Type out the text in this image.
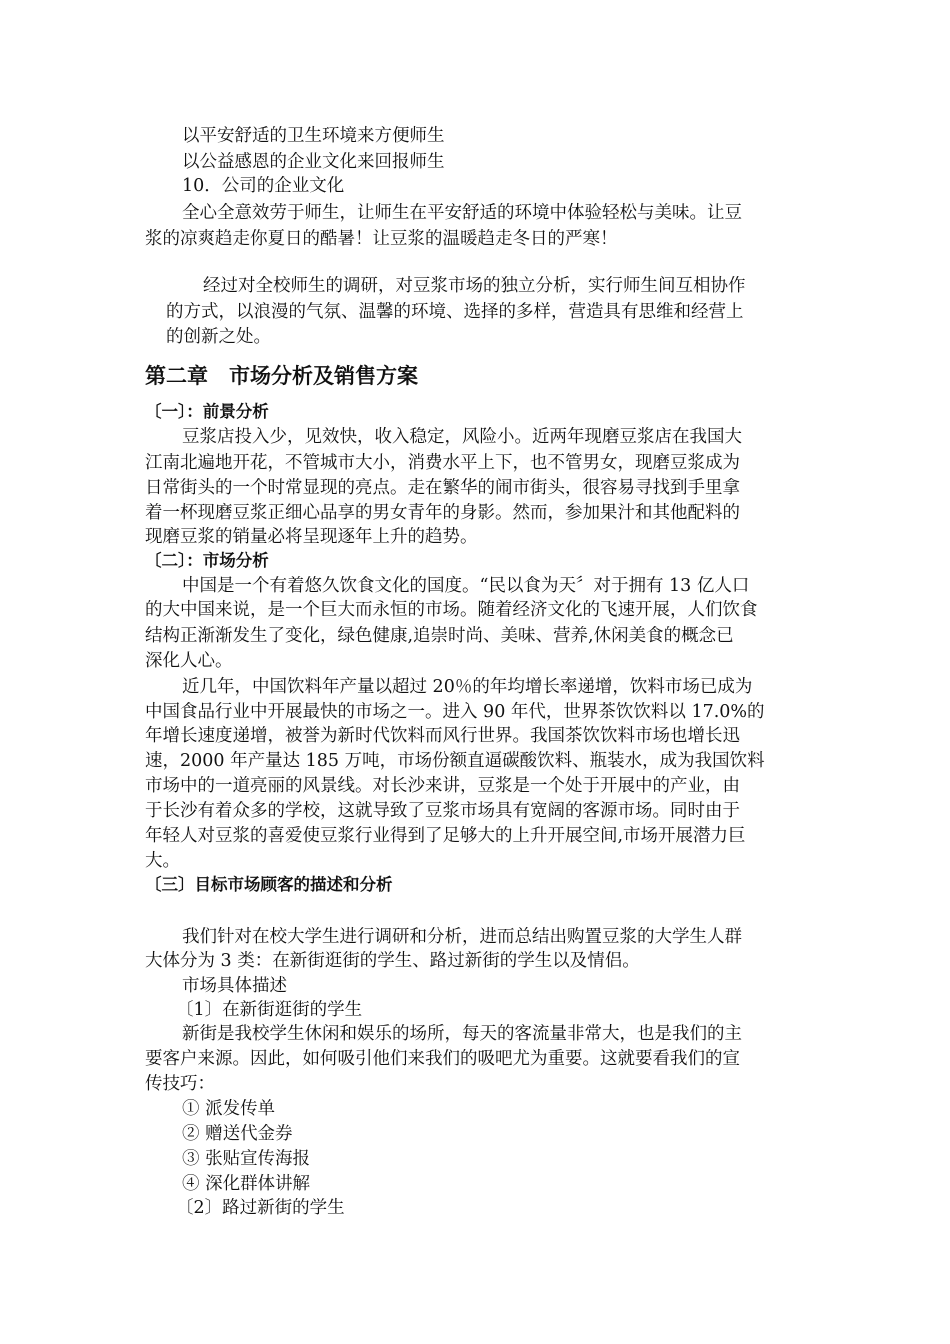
以平安舒适的卫生环境来方便师生

以公益感恩的企业文化来回报师生

10．公司的企业文化

全心全意效劳于师生，让师生在平安舒适的环境中体验轻松与美味。让豆

浆的凉爽趋走你夏日的酷暑！让豆浆的温暖趋走冬日的严寒！

经过对全校师生的调研，对豆浆市场的独立分析，实行师生间互相协作

的方式，以浪漫的气氛、温馨的环境、选择的多样，营造具有思维和经营上

的创新之处。

第二章　市场分析及销售方案
〔一〕：前景分析

豆浆店投入少，见效快，收入稳定，风险小。近两年现磨豆浆店在我国大

江南北遍地开花，不管城市大小，消费水平上下，也不管男女，现磨豆浆成为

日常街头的一个时常显现的亮点。走在繁华的闹市街头，很容易寻找到手里拿

着一杯现磨豆浆正细心品享的男女青年的身影。然而，参加果汁和其他配料的

现磨豆浆的销量必将呈现逐年上升的趋势。

〔二〕：市场分析

中国是一个有着悠久饮食文化的国度。“民以食为天〞对于拥有 13 亿人口

的大中国来说，是一个巨大而永恒的市场。随着经济文化的飞速开展，人们饮食

结构正渐渐发生了变化，绿色健康,追崇时尚、美味、营养,休闲美食的概念已

深化人心。

近几年，中国饮料年产量以超过 20％的年均增长率递增，饮料市场已成为

中国食品行业中开展最快的市场之一。进入 90 年代，世界茶饮饮料以 17.0%的

年增长速度递增，被誉为新时代饮料而风行世界。我国茶饮饮料市场也增长迅

速，2000 年产量达 185 万吨，市场份额直逼碳酸饮料、瓶装水，成为我国饮料

市场中的一道亮丽的风景线。对长沙来讲，豆浆是一个处于开展中的产业，由

于长沙有着众多的学校，这就导致了豆浆市场具有宽阔的客源市场。同时由于

年轻人对豆浆的喜爱使豆浆行业得到了足够大的上升开展空间,市场开展潜力巨

大。

〔三〕目标市场顾客的描述和分析

我们针对在校大学生进行调研和分析，进而总结出购置豆浆的大学生人群

大体分为 3 类：在新街逛街的学生、路过新街的学生以及情侣。

市场具体描述

〔1〕在新街逛街的学生

新街是我校学生休闲和娱乐的场所，每天的客流量非常大，也是我们的主

要客户来源。因此，如何吸引他们来我们的吸吧尤为重要。这就要看我们的宣

传技巧：

① 派发传单

② 赠送代金券

③ 张贴宣传海报

④ 深化群体讲解

〔2〕路过新街的学生
